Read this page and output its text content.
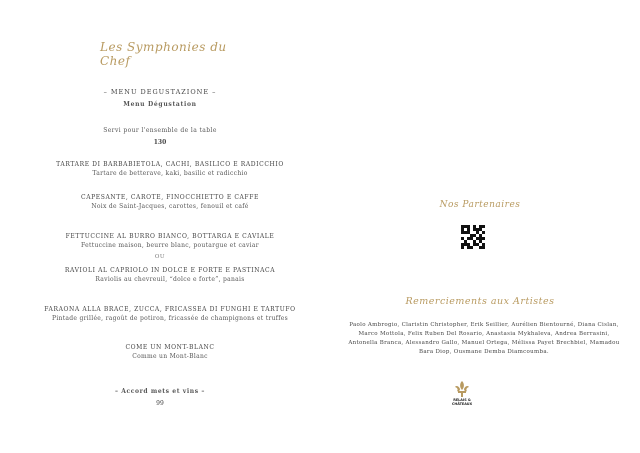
Les Symphonies du Chef
– MENU DEGUSTAZIONE –
Menu Dégustation
Servi pour l'ensemble de la table
130
TARTARE DI BARBABIETOLA, CACHI, BASILICO E RADICCHIO
Tartare de betterave, kaki, basilic et radicchio
CAPESANTE, CAROTE, FINOCCHIETTO E CAFFE
Noix de Saint-Jacques, carottes, fenouil et café
FETTUCCINE AL BURRO BIANCO, BOTTARGA E CAVIALE
Fettuccine maison, beurre blanc, poutargue et caviar
OU
RAVIOLI AL CAPRIOLO IN DOLCE E FORTE E PASTINACA
Raviolis au chevreuil, “dolce e forte”, panais
FARAONA ALLA BRACE, ZUCCA, FRICASSEA DI FUNGHI E TARTUFO
Pintade grillée, ragoût de potiron, fricassée de champignons et truffes
COME UN MONT-BLANC
Comme un Mont-Blanc
– Accord mets et vins –
99
Nos Partenaires
Remerciements aux Artistes
Paolo Ambrogio, Claristin Christopher, Erik Seillier, Aurélien Bientourné, Diana Cislan, Marco Mottola, Felix Ruben Del Rosario, Anastasia Mykhaleva, Andrea Berrasini, Antonella Branca, Alessandro Gallo, Manuel Ortega, Mélissa Payet Brechbiel, Mamadou Bara Diop, Ousmane Demba Diamcoumba.
RELAIS &
CHÂTEAUX
